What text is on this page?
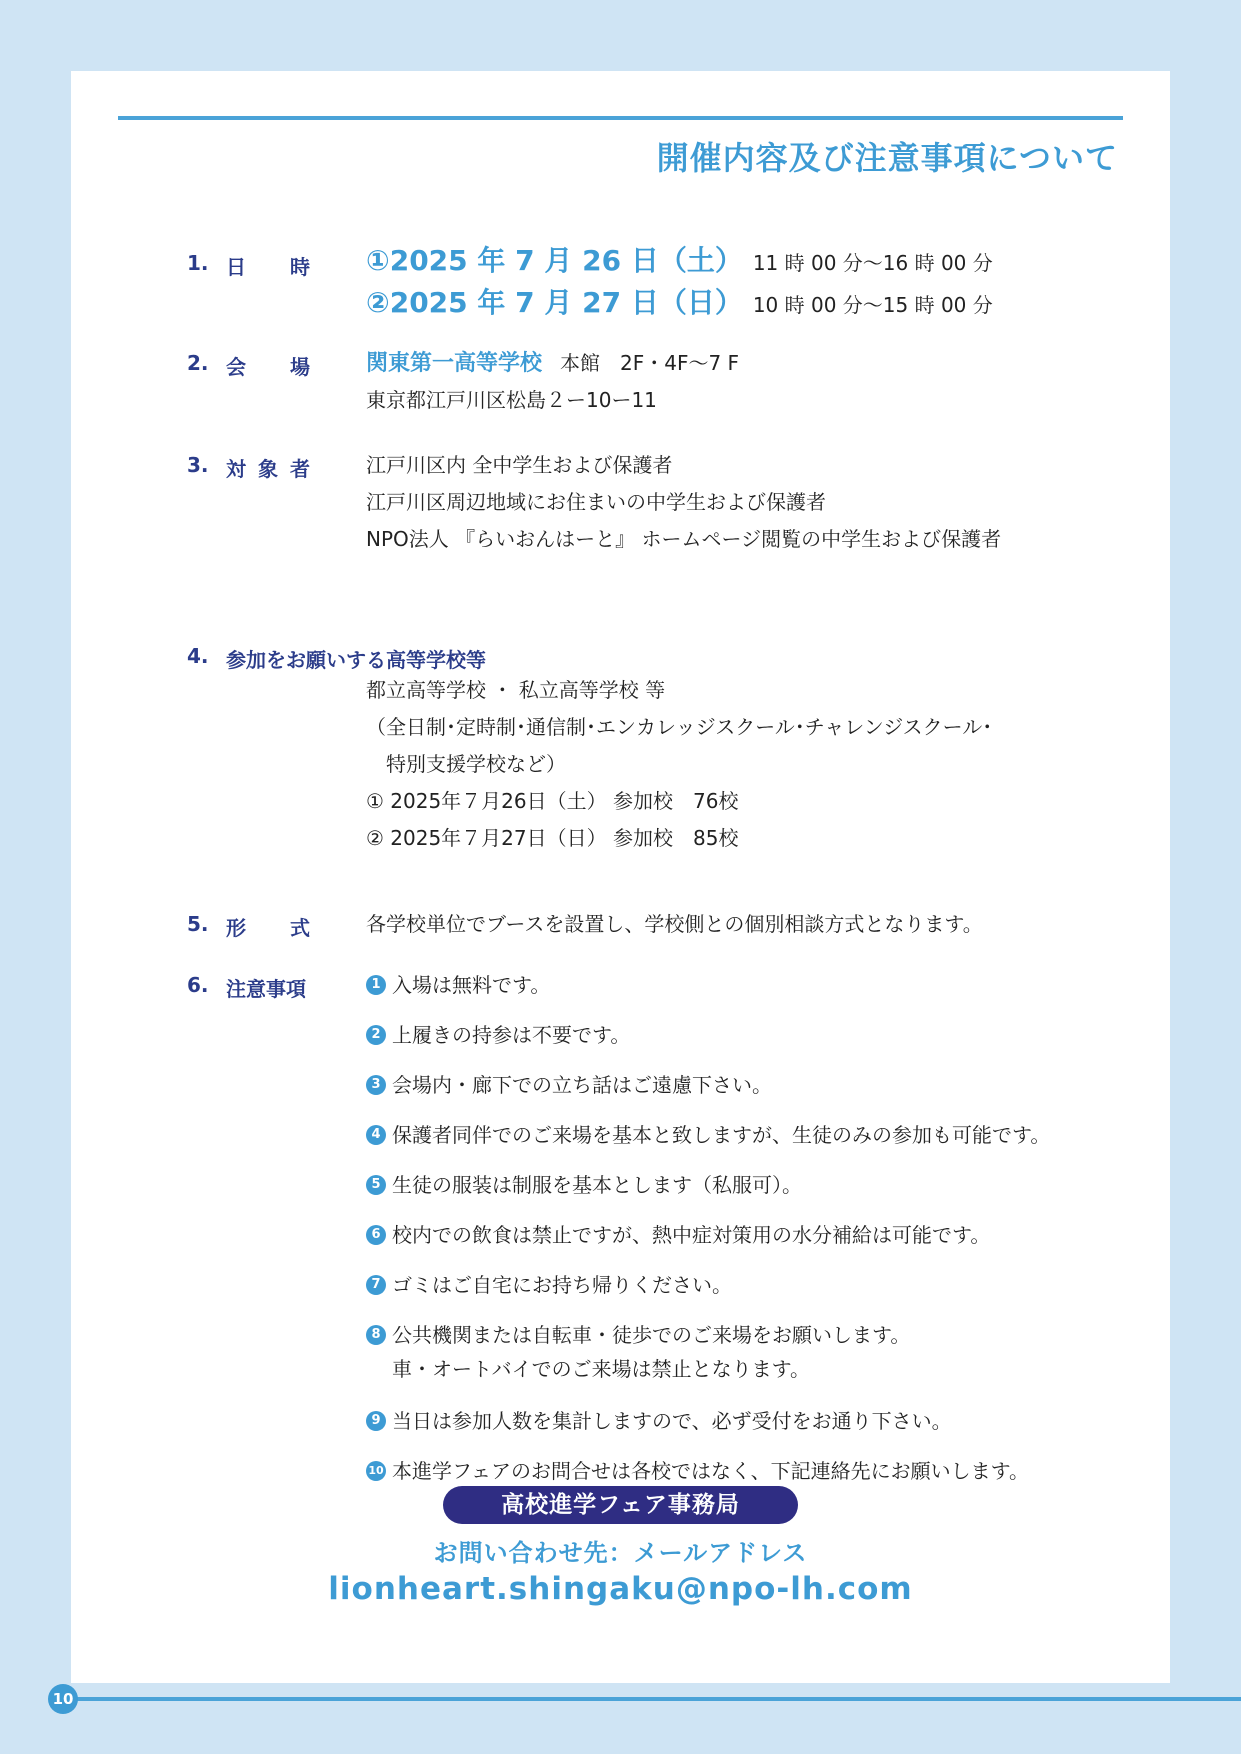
開催内容及び注意事項について
1. 日 時 ①2025 年 7 月 26 日（土） 11 時 00 分〜16 時 00 分
②2025 年 7 月 27 日（日） 10 時 00 分〜15 時 00 分
2. 会 場	関東第一高等学校 本館　2F・4F〜7 F
東京都江戸川区松島２ー10ー11
3. 対 象 者	江戸川区内 全中学生および保護者
江戸川区周辺地域にお住まいの中学生および保護者
NPO法人 『らいおんはーと』 ホームページ閲覧の中学生および保護者
4. 参加をお願いする高等学校等
都立高等学校 ・ 私立高等学校 等
（全日制･定時制･通信制･エンカレッジスクール･チャレンジスクール･
特別支援学校など）
① 2025年７月26日（土） 参加校　76校
② 2025年７月27日（日） 参加校　85校
5. 形 式	各学校単位でブースを設置し、学校側との個別相談方式となります。
6. 注意事項	1 入場は無料です。
2 上履きの持参は不要です。
3 会場内・廊下での立ち話はご遠慮下さい。
4 保護者同伴でのご来場を基本と致しますが、生徒のみの参加も可能です。
5 生徒の服装は制服を基本とします（私服可）。
6 校内での飲食は禁止ですが、熱中症対策用の水分補給は可能です。
7 ゴミはご自宅にお持ち帰りください。
8 公共機関または自転車・徒歩でのご来場をお願いします。
車・オートバイでのご来場は禁止となります。
9 当日は参加人数を集計しますので、必ず受付をお通り下さい。
10 本進学フェアのお問合せは各校ではなく、下記連絡先にお願いします。
高校進学フェア事務局
お問い合わせ先：メールアドレス
lionheart.shingaku@npo-lh.com
10
